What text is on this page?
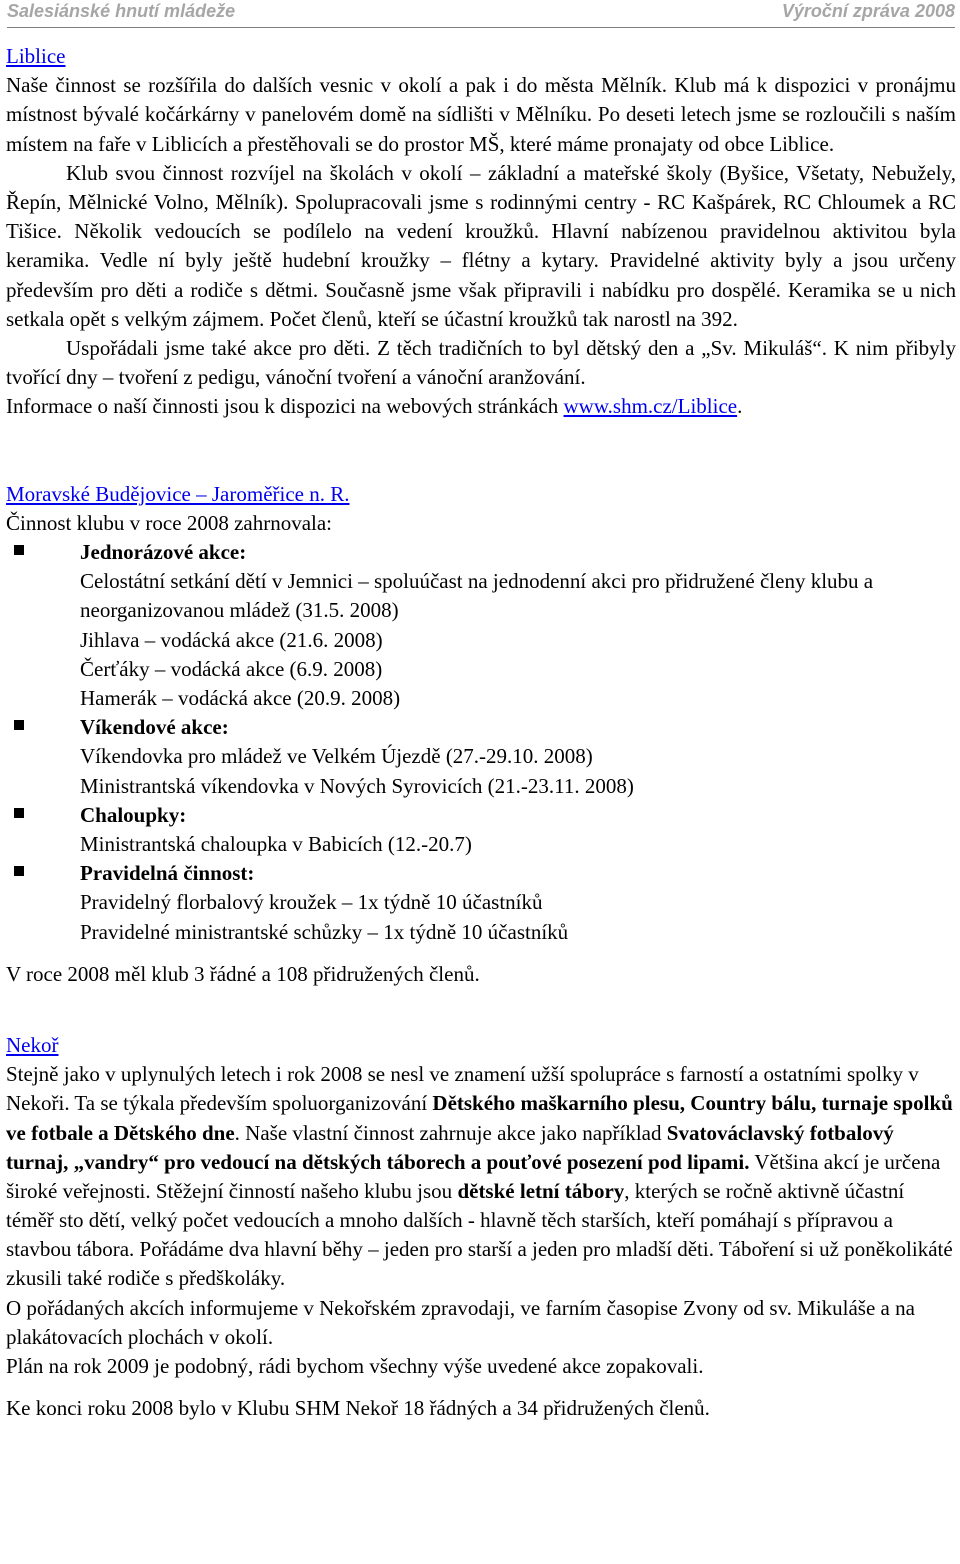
Salesiánské hnutí mládeže	Výroční zpráva 2008

Liblice

Naše činnost se rozšířila do dalších vesnic v okolí a pak i do města Mělník. Klub má k dispozici v pronájmu místnost bývalé kočárkárny v panelovém domě na sídlišti v Mělníku. Po deseti letech jsme se rozloučili s naším místem na faře v Liblicích a přestěhovali se do prostor MŠ, které máme pronajaty od obce Liblice.

Klub svou činnost rozvíjel na školách v okolí – základní a mateřské školy (Byšice, Všetaty, Nebužely, Řepín, Mělnické Volno, Mělník). Spolupracovali jsme s rodinnými centry - RC Kašpárek, RC Chloumek a RC Tišice. Několik vedoucích se podílelo na vedení kroužků. Hlavní nabízenou pravidelnou aktivitou byla keramika. Vedle ní byly ještě hudební kroužky – flétny a kytary. Pravidelné aktivity byly a jsou určeny především pro děti a rodiče s dětmi. Současně jsme však připravili i nabídku pro dospělé. Keramika se u nich setkala opět s velkým zájmem. Počet členů, kteří se účastní kroužků tak narostl na 392.

Uspořádali jsme také akce pro děti. Z těch tradičních to byl dětský den a „Sv. Mikuláš“. K nim přibyly tvořící dny – tvoření z pedigu, vánoční tvoření a vánoční aranžování.

Informace o naší činnosti jsou k dispozici na webových stránkách www.shm.cz/Liblice.

Moravské Budějovice – Jaroměřice n. R.

Činnost klubu v roce 2008 zahrnovala:

Jednorázové akce:
Celostátní setkání dětí v Jemnici – spoluúčast na jednodenní akci pro přidružené členy klubu a neorganizovanou mládež (31.5. 2008)
Jihlava – vodácká akce (21.6. 2008)
Čerťáky – vodácká akce (6.9. 2008)
Hamerák – vodácká akce (20.9. 2008)
Víkendové akce:
Víkendovka pro mládež ve Velkém Újezdě (27.-29.10. 2008)
Ministrantská víkendovka v Nových Syrovicích (21.-23.11. 2008)
Chaloupky:
Ministrantská chaloupka v Babicích (12.-20.7)
Pravidelná činnost:
Pravidelný florbalový kroužek – 1x týdně 10 účastníků
Pravidelné ministrantské schůzky – 1x týdně 10 účastníků

V roce 2008 měl klub 3 řádné a 108 přidružených členů.

Nekoř

Stejně jako v uplynulých letech i rok 2008 se nesl ve znamení užší spolupráce s farností a ostatními spolky v Nekoři. Ta se týkala především spoluorganizování Dětského maškarního plesu, Country bálu, turnaje spolků ve fotbale a Dětského dne. Naše vlastní činnost zahrnuje akce jako například Svatováclavský fotbalový turnaj, „vandry“ pro vedoucí na dětských táborech a pouťové posezení pod lipami. Většina akcí je určena široké veřejnosti. Stěžejní činností našeho klubu jsou dětské letní tábory, kterých se ročně aktivně účastní téměř sto dětí, velký počet vedoucích a mnoho dalších - hlavně těch starších, kteří pomáhají s přípravou a stavbou tábora. Pořádáme dva hlavní běhy – jeden pro starší a jeden pro mladší děti. Táboření si už poněkolikáté zkusili také rodiče s předškoláky.

O pořádaných akcích informujeme v Nekořském zpravodaji, ve farním časopise Zvony od sv. Mikuláše a na plakátovacích plochách v okolí.

Plán na rok 2009 je podobný, rádi bychom všechny výše uvedené akce zopakovali.

Ke konci roku 2008 bylo v Klubu SHM Nekoř 18 řádných a 34 přidružených členů.
